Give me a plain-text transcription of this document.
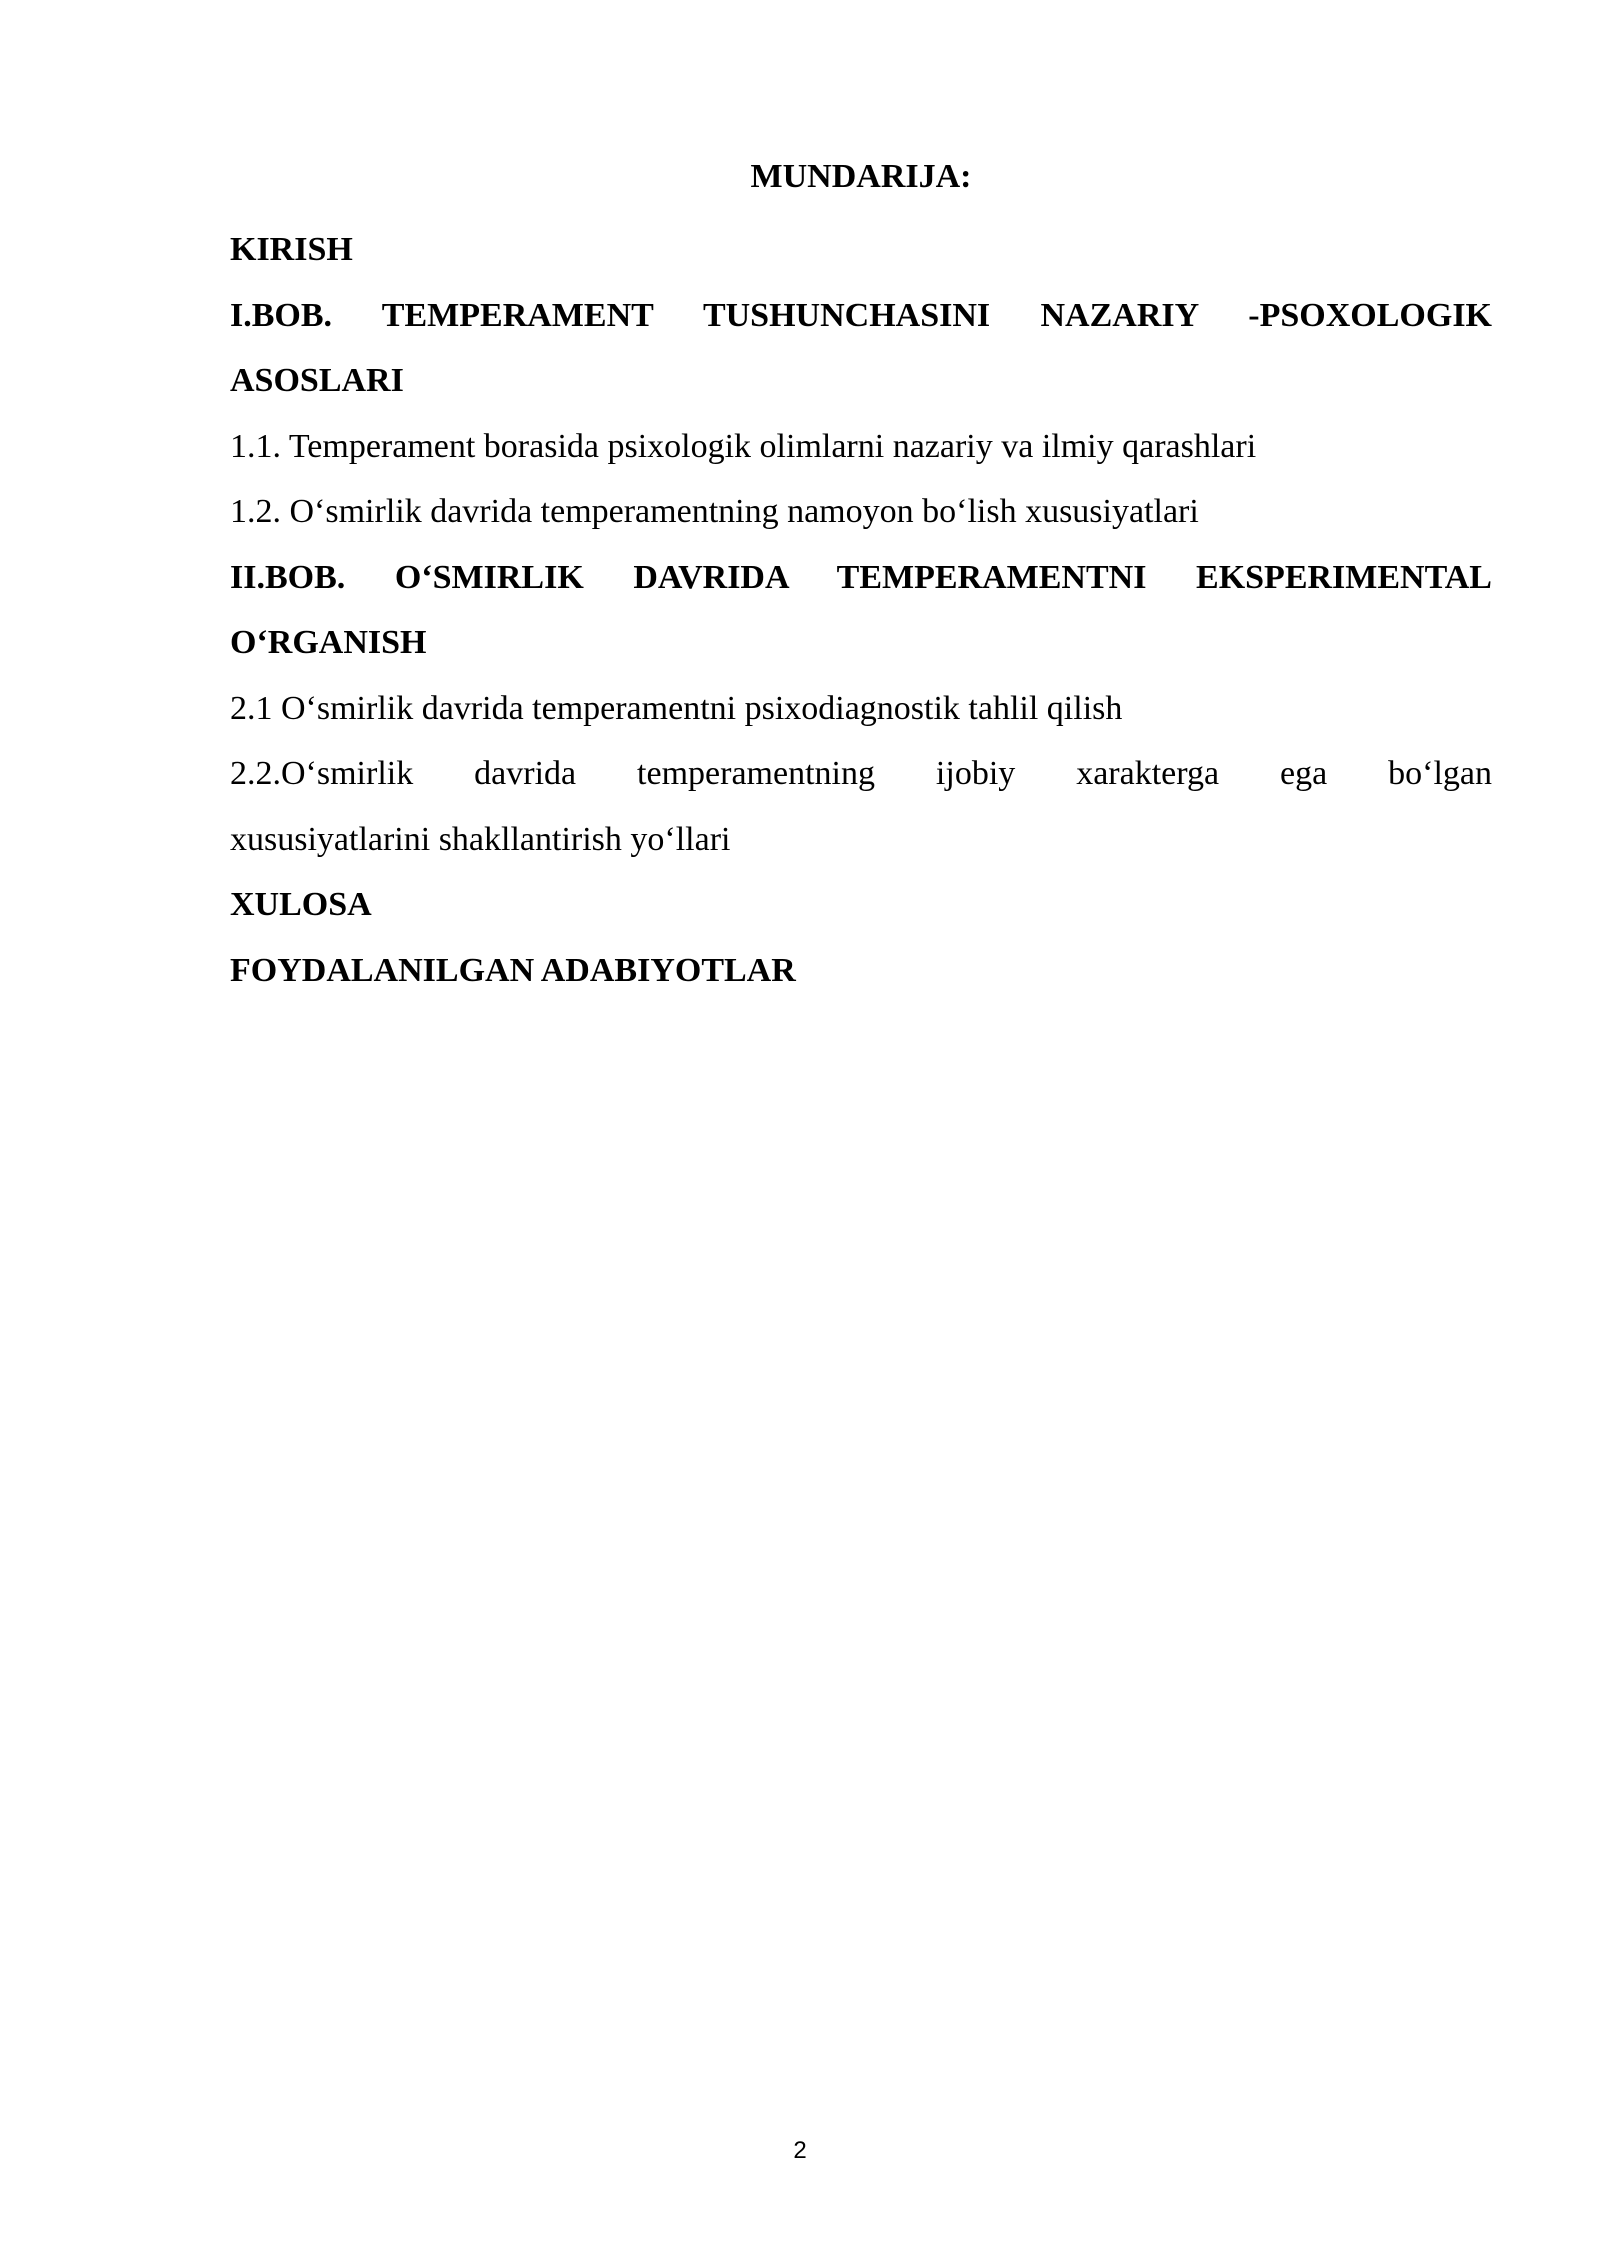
MUNDARIJA:

KIRISH

I.BOB. TEMPERAMENT TUSHUNCHASINI NAZARIY -PSOXOLOGIK

ASOSLARI

1.1. Temperament borasida psixologik olimlarni nazariy va ilmiy qarashlari

1.2. O‘smirlik davrida temperamentning namoyon bo‘lish xususiyatlari

II.BOB. O‘SMIRLIK DAVRIDA TEMPERAMENTNI EKSPERIMENTAL

O‘RGANISH

2.1 O‘smirlik davrida temperamentni psixodiagnostik tahlil qilish

2.2.O‘smirlik davrida temperamentning ijobiy xarakterga ega bo‘lgan

xususiyatlarini shakllantirish yo‘llari

XULOSA

FOYDALANILGAN ADABIYOTLAR

2
